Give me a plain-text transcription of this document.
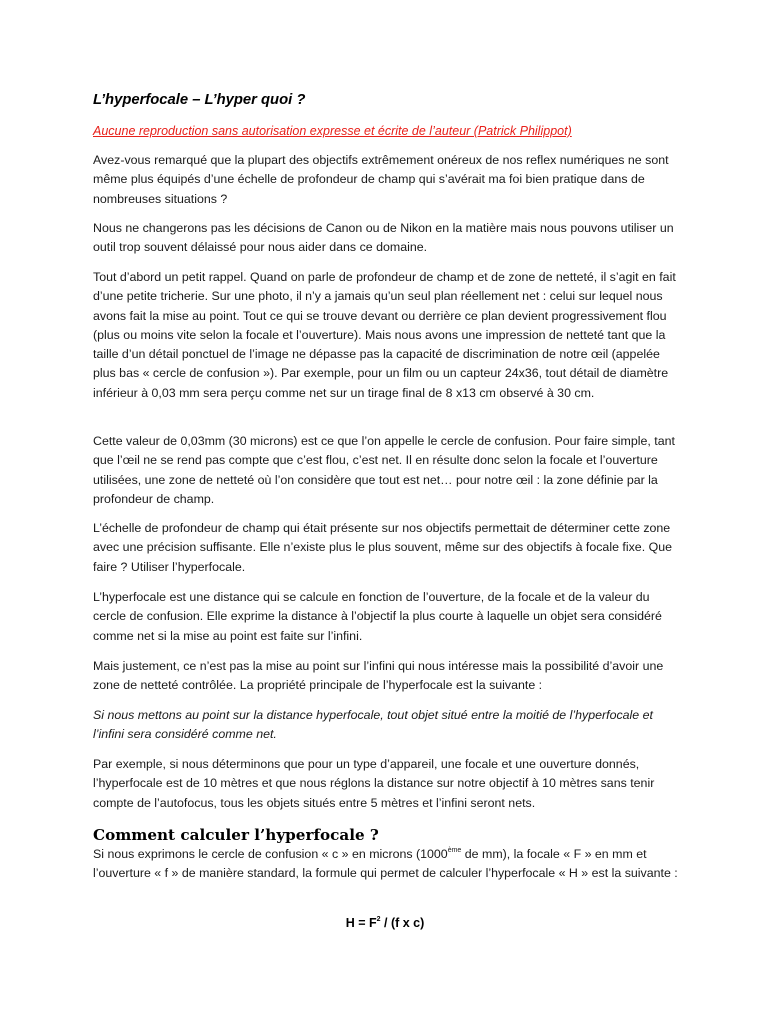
L’hyperfocale – L’hyper quoi ?

Aucune reproduction sans autorisation expresse et écrite de l’auteur (Patrick Philippot)

Avez-vous remarqué que la plupart des objectifs extrêmement onéreux de nos reflex numériques ne sont même plus équipés d’une échelle de profondeur de champ qui s’avérait ma foi bien pratique dans de nombreuses situations ?

Nous ne changerons pas les décisions de Canon ou de Nikon en la matière mais nous pouvons utiliser un outil trop souvent délaissé pour nous aider dans ce domaine.

Tout d’abord un petit rappel. Quand on parle de profondeur de champ et de zone de netteté, il s’agit en fait d’une petite tricherie. Sur une photo, il n’y a jamais qu’un seul plan réellement net : celui sur lequel nous avons fait la mise au point. Tout ce qui se trouve devant ou derrière ce plan devient progressivement flou (plus ou moins vite selon la focale et l’ouverture). Mais nous avons une impression de netteté tant que la taille d’un détail ponctuel de l’image ne dépasse pas la capacité de discrimination de notre œil (appelée plus bas « cercle de confusion »). Par exemple, pour un film ou un capteur 24x36, tout détail de diamètre inférieur à 0,03 mm sera perçu comme net sur un tirage final de 8 x13 cm observé à 30 cm.

Cette valeur de 0,03mm (30 microns) est ce que l’on appelle le cercle de confusion. Pour faire simple, tant que l’œil ne se rend pas compte que c’est flou, c’est net. Il en résulte donc selon la focale et l’ouverture utilisées, une zone de netteté où l’on considère que tout est net… pour notre œil : la zone définie par la profondeur de champ.

L’échelle de profondeur de champ qui était présente sur nos objectifs permettait de déterminer cette zone avec une précision suffisante. Elle n’existe plus le plus souvent, même sur des objectifs à focale fixe. Que faire ? Utiliser l’hyperfocale.

L’hyperfocale est une distance qui se calcule en fonction de l’ouverture, de la focale et de la valeur du cercle de confusion. Elle exprime la distance à l’objectif la plus courte à laquelle un objet sera considéré comme net si la mise au point est faite sur l’infini.

Mais justement, ce n’est pas la mise au point sur l’infini qui nous intéresse mais la possibilité d’avoir une zone de netteté contrôlée. La propriété principale de l’hyperfocale est la suivante :

Si nous mettons au point sur la distance hyperfocale, tout objet situé entre la moitié de l’hyperfocale et l’infini sera considéré comme net.

Par exemple, si nous déterminons que pour un type d’appareil, une focale et une ouverture donnés, l’hyperfocale est de 10 mètres et que nous réglons la distance sur notre objectif à 10 mètres sans tenir compte de l’autofocus, tous les objets situés entre 5 mètres et l’infini seront nets.

Comment calculer l’hyperfocale ?

Si nous exprimons le cercle de confusion « c » en microns (1000ème de mm), la focale « F » en mm et l’ouverture « f » de manière standard, la formule qui permet de calculer l’hyperfocale « H » est la suivante :

$H = F^2 / (f$ x c)
